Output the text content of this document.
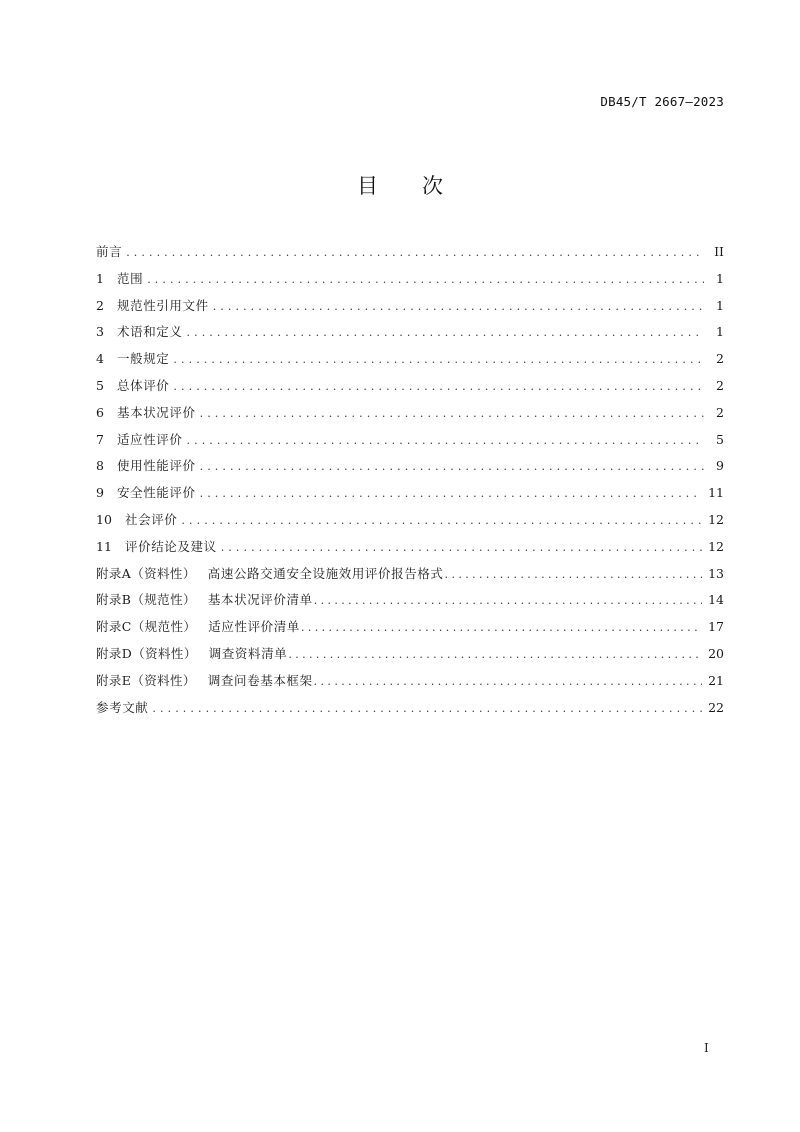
DB45/T 2667—2023
目 次
前言 .....	II
1	范围 .....	1
2	规范性引用文件 .....	1
3	术语和定义 .....	1
4	一般规定 .....	2
5	总体评价 .....	2
6	基本状况评价 .....	2
7	适应性评价 .....	5
8	使用性能评价 .....	9
9	安全性能评价 .....	11
10	社会评价 .....	12
11	评价结论及建议 .....	12
附录A（资料性） 高速公路交通安全设施效用评价报告格式 .....	13
附录B（规范性） 基本状况评价清单 .....	14
附录C（规范性） 适应性评价清单 .....	17
附录D（资料性） 调查资料清单 .....	20
附录E（资料性） 调查问卷基本框架 .....	21
参考文献 .....	22
I
